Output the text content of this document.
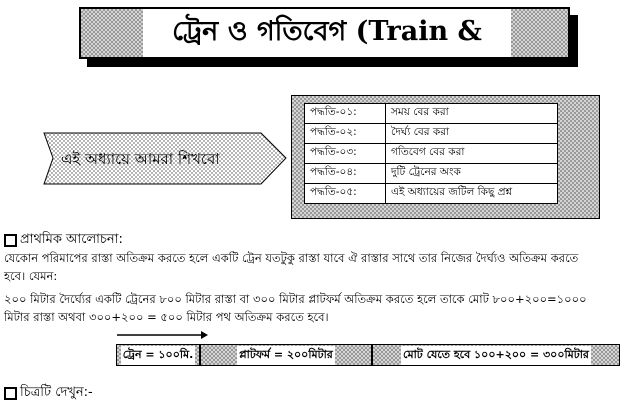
ট্রেন ও গতিবেগ (Train &
এই অধ্যায়ে আমরা শিখবো
পদ্ধতি-০১:	সময় বের করা
পদ্ধতি-০২:	দৈর্ঘ্য বের করা
পদ্ধতি-০৩:	গতিবেগ বের করা
পদ্ধতি-০৪:	দুটি ট্রেনের অংক
পদ্ধতি-০৫:	এই অধ্যায়ের জটিল কিছু প্রশ্ন
প্রাথমিক আলোচনা:
যেকোন পরিমাপের রাস্তা অতিক্রম করতে হলে একটি ট্রেন যতটুকু রাস্তা যাবে ঐ রাস্তার সাথে তার নিজের দৈর্ঘ্যও অতিক্রম করতে
হবে। যেমন:
২০০ মিটার দৈর্ঘ্যের একটি ট্রেনের ৮০০ মিটার রাস্তা বা ৩০০ মিটার প্লাটফর্ম অতিক্রম করতে হলে তাকে মোট ৮০০+২০০=১০০০
মিটার রাস্তা অথবা ৩০০+২০০ = ৫০০ মিটার পথ অতিক্রম করতে হবে।
ট্রেন = ১০০মি.	প্লাটফর্ম = ২০০মিটার	মোট যেতে হবে ১০০+২০০ = ৩০০মিটার
চিত্রটি দেখুন:-
